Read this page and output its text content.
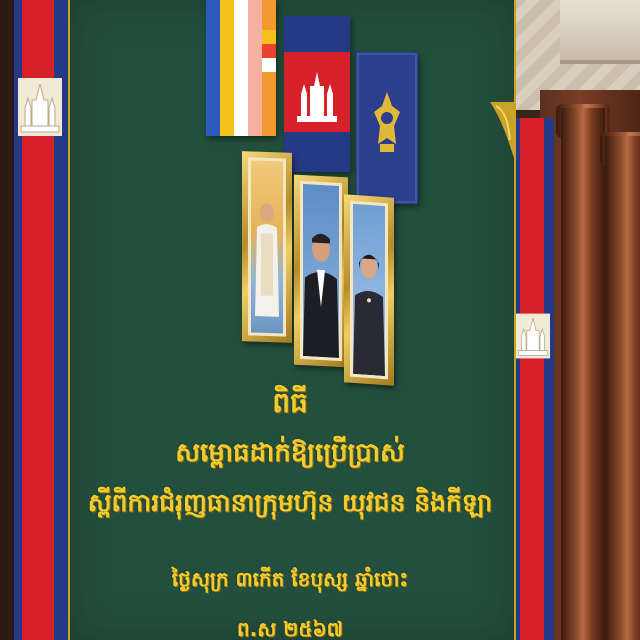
ពិធី
សម្ពោធដាក់ឱ្យប្រើប្រាស់
ស្ពីពីការជំរុញធានាក្រុមហ៊ុន យុវជន និងកីឡា
ថ្ងៃសុក្រ ៣កើត ខែបុស្ស ឆ្នាំថោះ
ព.ស ២៥៦៧
